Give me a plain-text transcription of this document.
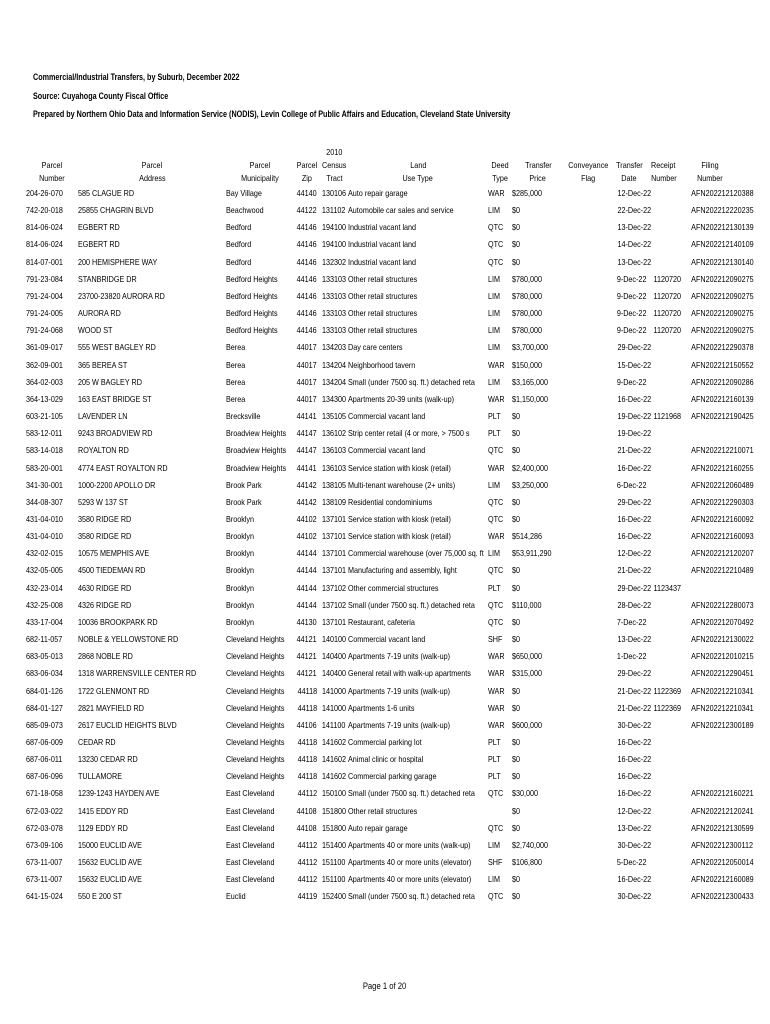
Commercial/Industrial Transfers, by Suburb, December 2022
Source: Cuyahoga County Fiscal Office
Prepared by Northern Ohio Data and Information Service (NODIS), Levin College of Public Affairs and Education, Cleveland State University
				2010							
Parcel	Parcel	Parcel	Parcel	Census	Land	Deed	Transfer	Conveyance	Transfer	Receipt	Filing
Number	Address	Municipality	Zip	Tract	Use Type	Type	Price	Flag	Date	Number	Number
204-26-070	585 CLAGUE RD	Bay Village	44140	130106	Auto repair garage	WAR	$285,000		12-Dec-22		AFN202212120388
742-20-018	25855 CHAGRIN BLVD	Beachwood	44122	131102	Automobile car sales and service	LIM	$0		22-Dec-22		AFN202212220235
814-06-024	EGBERT RD	Bedford	44146	194100	Industrial vacant land	QTC	$0		13-Dec-22		AFN202212130139
814-06-024	EGBERT RD	Bedford	44146	194100	Industrial vacant land	QTC	$0		14-Dec-22		AFN202212140109
814-07-001	200 HEMISPHERE WAY	Bedford	44146	132302	Industrial vacant land	QTC	$0		13-Dec-22		AFN202212130140
791-23-084	STANBRIDGE DR	Bedford Heights	44146	133103	Other retail structures	LIM	$780,000		9-Dec-22	1120720	AFN202212090275
791-24-004	23700-23820 AURORA RD	Bedford Heights	44146	133103	Other retail structures	LIM	$780,000		9-Dec-22	1120720	AFN202212090275
791-24-005	AURORA RD	Bedford Heights	44146	133103	Other retail structures	LIM	$780,000		9-Dec-22	1120720	AFN202212090275
791-24-068	WOOD ST	Bedford Heights	44146	133103	Other retail structures	LIM	$780,000		9-Dec-22	1120720	AFN202212090275
361-09-017	555 WEST BAGLEY RD	Berea	44017	134203	Day care centers	LIM	$3,700,000		29-Dec-22		AFN202212290378
362-09-001	365 BEREA ST	Berea	44017	134204	Neighborhood tavern	WAR	$150,000		15-Dec-22		AFN202212150552
364-02-003	205 W BAGLEY RD	Berea	44017	134204	Small (under 7500 sq. ft.) detached reta	LIM	$3,165,000		9-Dec-22		AFN202212090286
364-13-029	163 EAST BRIDGE ST	Berea	44017	134300	Apartments 20-39 units (walk-up)	WAR	$1,150,000		16-Dec-22		AFN202212160139
603-21-105	LAVENDER LN	Brecksville	44141	135105	Commercial vacant land	PLT	$0		19-Dec-22	1121968	AFN202212190425
583-12-011	9243 BROADVIEW RD	Broadview Heights	44147	136102	Strip center retail (4 or more, > 7500 s	PLT	$0		19-Dec-22		
583-14-018	ROYALTON RD	Broadview Heights	44147	136103	Commercial vacant land	QTC	$0		21-Dec-22		AFN202212210071
583-20-001	4774 EAST ROYALTON RD	Broadview Heights	44141	136103	Service station with kiosk (retail)	WAR	$2,400,000		16-Dec-22		AFN202212160255
341-30-001	1000-2200 APOLLO DR	Brook Park	44142	138105	Multi-tenant warehouse (2+ units)	LIM	$3,250,000		6-Dec-22		AFN202212060489
344-08-307	5293 W 137 ST	Brook Park	44142	138109	Residential condominiums	QTC	$0		29-Dec-22		AFN202212290303
431-04-010	3580 RIDGE RD	Brooklyn	44102	137101	Service station with kiosk (retail)	QTC	$0		16-Dec-22		AFN202212160092
431-04-010	3580 RIDGE RD	Brooklyn	44102	137101	Service station with kiosk (retail)	WAR	$514,286		16-Dec-22		AFN202212160093
432-02-015	10575 MEMPHIS AVE	Brooklyn	44144	137101	Commercial warehouse (over 75,000 sq. ft	LIM	$53,911,290		12-Dec-22		AFN202212120207
432-05-005	4500 TIEDEMAN RD	Brooklyn	44144	137101	Manufacturing and assembly, light	QTC	$0		21-Dec-22		AFN202212210489
432-23-014	4630 RIDGE RD	Brooklyn	44144	137102	Other commercial structures	PLT	$0		29-Dec-22	1123437	
432-25-008	4326 RIDGE RD	Brooklyn	44144	137102	Small (under 7500 sq. ft.) detached reta	QTC	$110,000		28-Dec-22		AFN202212280073
433-17-004	10036 BROOKPARK RD	Brooklyn	44130	137101	Restaurant, cafeteria	QTC	$0		7-Dec-22		AFN202212070492
682-11-057	NOBLE & YELLOWSTONE RD	Cleveland Heights	44121	140100	Commercial vacant land	SHF	$0		13-Dec-22		AFN202212130022
683-05-013	2868 NOBLE RD	Cleveland Heights	44121	140400	Apartments 7-19 units (walk-up)	WAR	$650,000		1-Dec-22		AFN202212010215
683-06-034	1318 WARRENSVILLE CENTER RD	Cleveland Heights	44121	140400	General retail with walk-up apartments	WAR	$315,000		29-Dec-22		AFN202212290451
684-01-126	1722 GLENMONT RD	Cleveland Heights	44118	141000	Apartments 7-19 units (walk-up)	WAR	$0		21-Dec-22	1122369	AFN202212210341
684-01-127	2821 MAYFIELD RD	Cleveland Heights	44118	141000	Apartments 1-6 units	WAR	$0		21-Dec-22	1122369	AFN202212210341
685-09-073	2617 EUCLID HEIGHTS BLVD	Cleveland Heights	44106	141100	Apartments 7-19 units (walk-up)	WAR	$600,000		30-Dec-22		AFN202212300189
687-06-009	CEDAR RD	Cleveland Heights	44118	141602	Commercial parking lot	PLT	$0		16-Dec-22		
687-06-011	13230 CEDAR RD	Cleveland Heights	44118	141602	Animal clinic or hospital	PLT	$0		16-Dec-22		
687-06-096	TULLAMORE	Cleveland Heights	44118	141602	Commercial parking garage	PLT	$0		16-Dec-22		
671-18-058	1239-1243 HAYDEN AVE	East Cleveland	44112	150100	Small (under 7500 sq. ft.) detached reta	QTC	$30,000		16-Dec-22		AFN202212160221
672-03-022	1415 EDDY RD	East Cleveland	44108	151800	Other retail structures		$0		12-Dec-22		AFN202212120241
672-03-078	1129 EDDY RD	East Cleveland	44108	151800	Auto repair garage	QTC	$0		13-Dec-22		AFN202212130599
673-09-106	15000 EUCLID AVE	East Cleveland	44112	151400	Apartments 40 or more units (walk-up)	LIM	$2,740,000		30-Dec-22		AFN202212300112
673-11-007	15632 EUCLID AVE	East Cleveland	44112	151100	Apartments 40 or more units (elevator)	SHF	$106,800		5-Dec-22		AFN202212050014
673-11-007	15632 EUCLID AVE	East Cleveland	44112	151100	Apartments 40 or more units (elevator)	LIM	$0		16-Dec-22		AFN202212160089
641-15-024	550 E 200 ST	Euclid	44119	152400	Small (under 7500 sq. ft.) detached reta	QTC	$0		30-Dec-22		AFN202212300433
Page 1 of 20
